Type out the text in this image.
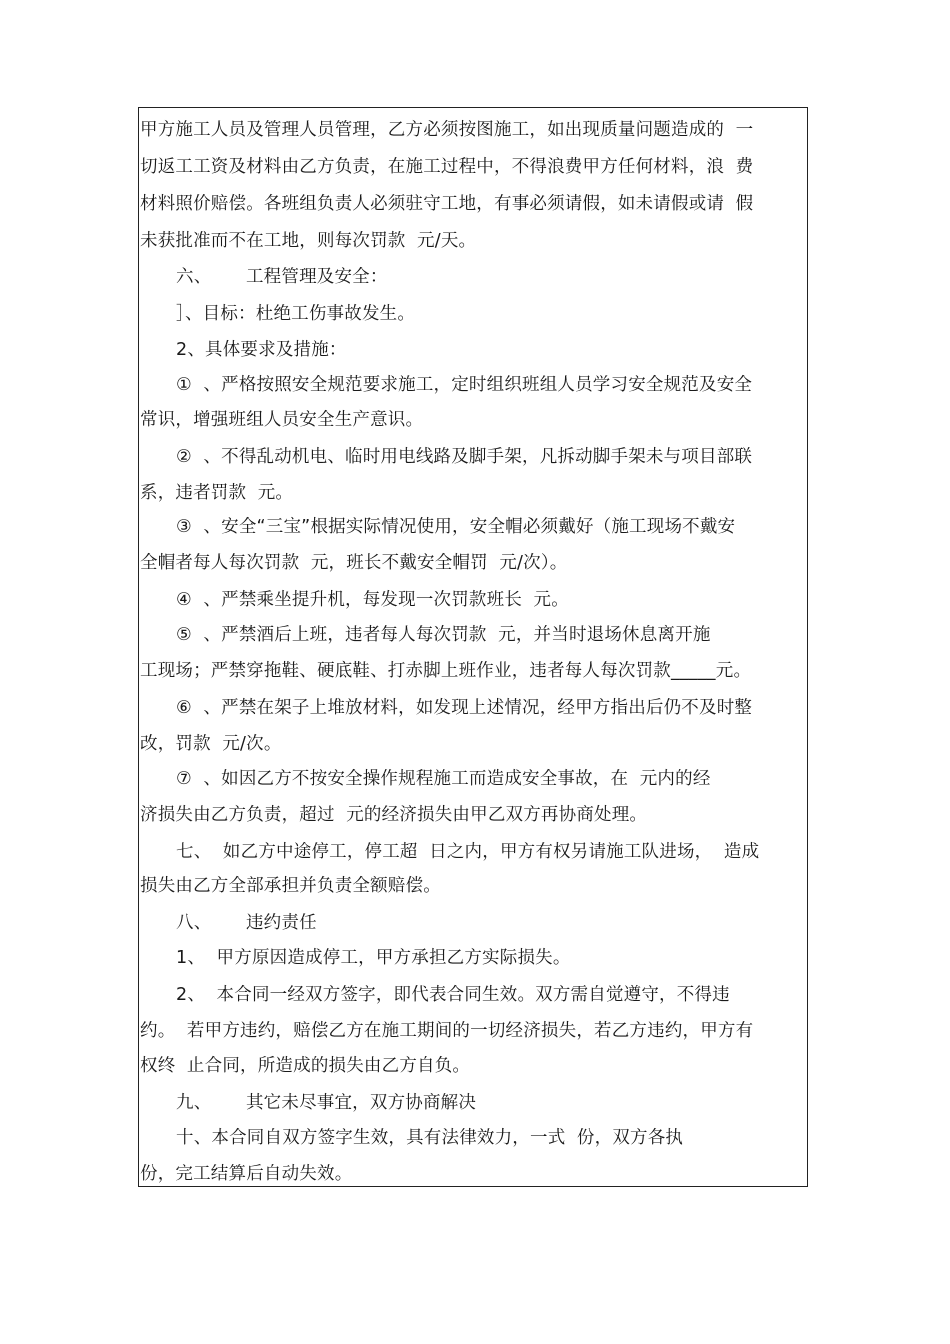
甲方施工人员及管理人员管理，乙方必须按图施工，如出现质量问题造成的  一
切返工工资及材料由乙方负责，在施工过程中，不得浪费甲方任何材料，浪  费
材料照价赔偿。各班组负责人必须驻守工地，有事必须请假，如未请假或请  假
未获批准而不在工地，则每次罚款  元/天。
六、      工程管理及安全：
］、目标：杜绝工伤事故发生。
2、具体要求及措施：
①  、严格按照安全规范要求施工，定时组织班组人员学习安全规范及安全
常识，增强班组人员安全生产意识。
②  、不得乱动机电、临时用电线路及脚手架，凡拆动脚手架未与项目部联
系，违者罚款  元。
③  、安全“三宝”根据实际情况使用，安全帽必须戴好（施工现场不戴安
全帽者每人每次罚款  元，班长不戴安全帽罚  元/次）。
④  、严禁乘坐提升机，每发现一次罚款班长  元。
⑤  、严禁酒后上班，违者每人每次罚款  元，并当时退场休息离开施
工现场；严禁穿拖鞋、硬底鞋、打赤脚上班作业，违者每人每次罚款_____元。
⑥  、严禁在架子上堆放材料，如发现上述情况，经甲方指出后仍不及时整
改，罚款  元/次。
⑦  、如因乙方不按安全操作规程施工而造成安全事故，在  元内的经
济损失由乙方负责，超过  元的经济损失由甲乙双方再协商处理。
七、  如乙方中途停工，停工超  日之内，甲方有权另请施工队进场，  造成
损失由乙方全部承担并负责全额赔偿。
八、      违约责任
1、  甲方原因造成停工，甲方承担乙方实际损失。
2、  本合同一经双方签字，即代表合同生效。双方需自觉遵守，不得违
约。  若甲方违约，赔偿乙方在施工期间的一切经济损失，若乙方违约，甲方有
权终  止合同，所造成的损失由乙方自负。
九、      其它未尽事宜，双方协商解决
十、本合同自双方签字生效，具有法律效力，一式  份，双方各执
份，完工结算后自动失效。
